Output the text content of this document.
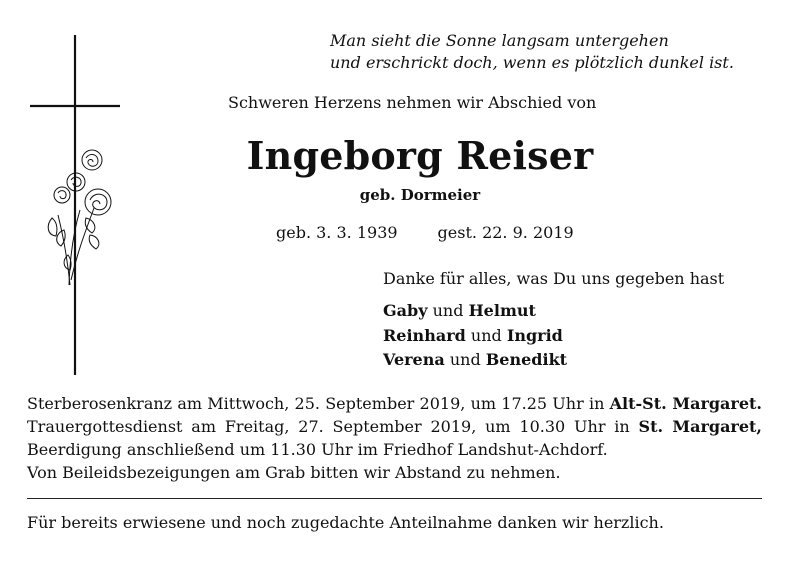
Man sieht die Sonne langsam untergehen

und erschrickt doch, wenn es plötzlich dunkel ist.

Schweren Herzens nehmen wir Abschied von

Ingeborg Reiser

geb. Dormeier

geb. 3. 3. 1939	gest. 22. 9. 2019

Danke für alles, was Du uns gegeben hast

Gaby und Helmut

Reinhard und Ingrid

Verena und Benedikt

Sterberosenkranz am Mittwoch, 25. September 2019, um 17.25 Uhr in Alt-St. Margaret.

Trauergottesdienst am Freitag, 27. September 2019, um 10.30 Uhr in St. Margaret,

Beerdigung anschließend um 11.30 Uhr im Friedhof Landshut-Achdorf.

Von Beileidsbezeigungen am Grab bitten wir Abstand zu nehmen.

Für bereits erwiesene und noch zugedachte Anteilnahme danken wir herzlich.
